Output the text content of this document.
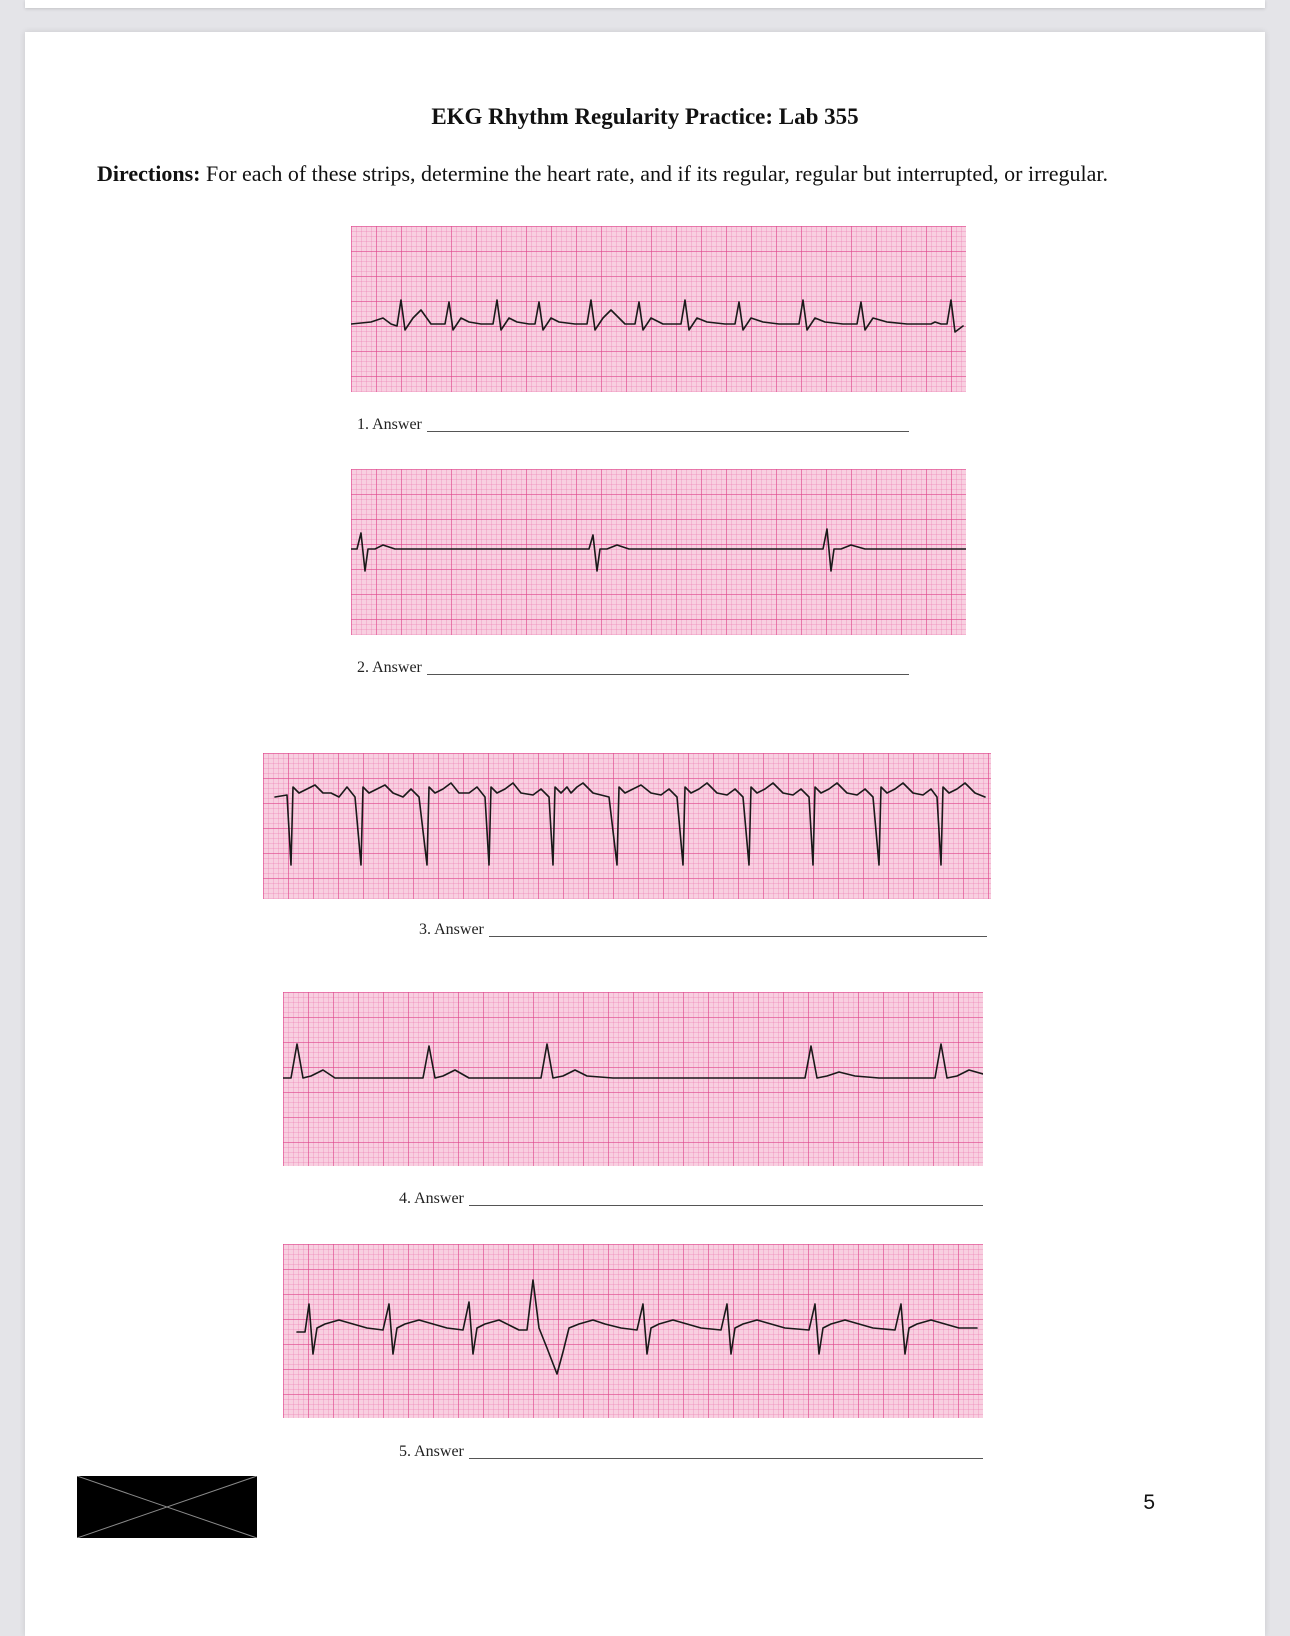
EKG Rhythm Regularity Practice: Lab 355
Directions: For each of these strips, determine the heart rate, and if its regular, regular but interrupted, or irregular.
1. Answer
2. Answer
3. Answer
4. Answer
5. Answer
5
